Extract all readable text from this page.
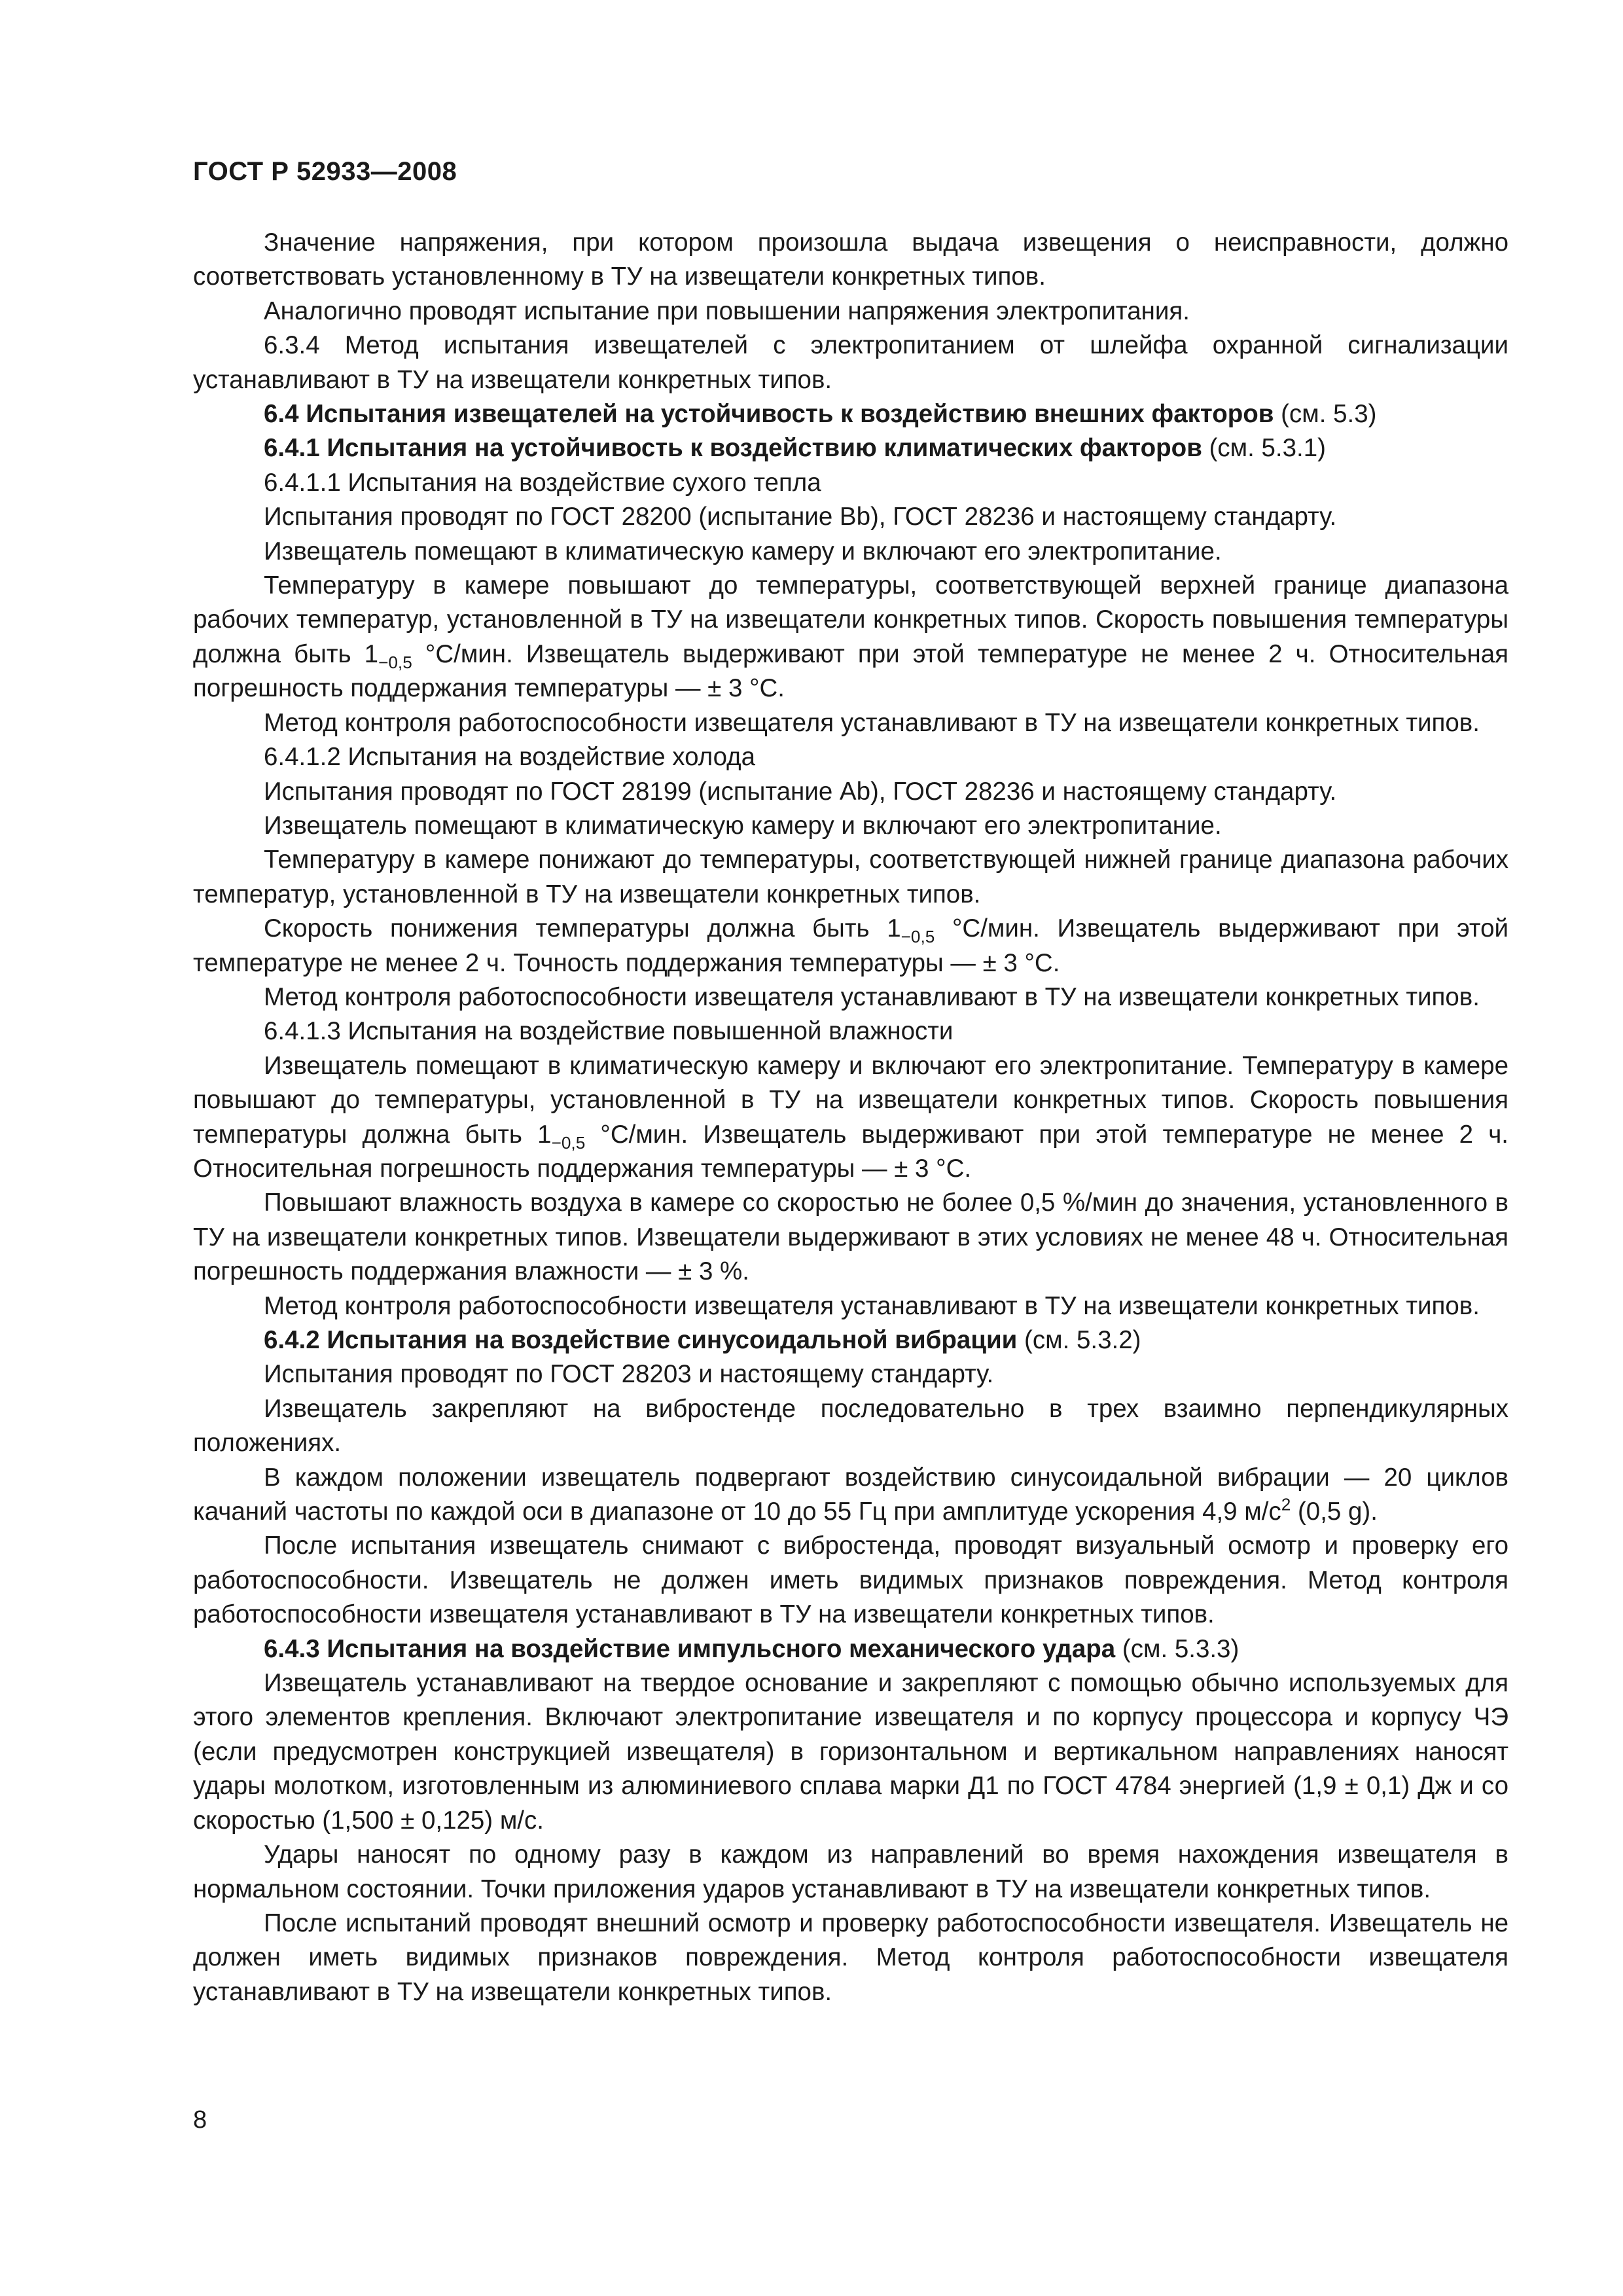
ГОСТ Р 52933—2008

Значение напряжения, при котором произошла выдача извещения о неисправности, должно соответствовать установленному в ТУ на извещатели конкретных типов.

Аналогично проводят испытание при повышении напряжения электропитания.

6.3.4 Метод испытания извещателей с электропитанием от шлейфа охранной сигнализации устанавливают в ТУ на извещатели конкретных типов.

6.4 Испытания извещателей на устойчивость к воздействию внешних факторов (см. 5.3)

6.4.1 Испытания на устойчивость к воздействию климатических факторов (см. 5.3.1)

6.4.1.1 Испытания на воздействие сухого тепла

Испытания проводят по ГОСТ 28200 (испытание Bb), ГОСТ 28236 и настоящему стандарту.

Извещатель помещают в климатическую камеру и включают его электропитание.

Температуру в камере повышают до температуры, соответствующей верхней границе диапазона рабочих температур, установленной в ТУ на извещатели конкретных типов. Скорость повышения температуры должна быть $1_{-0,5}$ °С/мин. Извещатель выдерживают при этой температуре не менее 2 ч. Относительная погрешность поддержания температуры — ± 3 °С.

Метод контроля работоспособности извещателя устанавливают в ТУ на извещатели конкретных типов.

6.4.1.2 Испытания на воздействие холода

Испытания проводят по ГОСТ 28199 (испытание Ab), ГОСТ 28236 и настоящему стандарту.

Извещатель помещают в климатическую камеру и включают его электропитание.

Температуру в камере понижают до температуры, соответствующей нижней границе диапазона рабочих температур, установленной в ТУ на извещатели конкретных типов.

Скорость понижения температуры должна быть $1_{-0,5}$ °С/мин. Извещатель выдерживают при этой температуре не менее 2 ч. Точность поддержания температуры — ± 3 °С.

Метод контроля работоспособности извещателя устанавливают в ТУ на извещатели конкретных типов.

6.4.1.3 Испытания на воздействие повышенной влажности

Извещатель помещают в климатическую камеру и включают его электропитание. Температуру в камере повышают до температуры, установленной в ТУ на извещатели конкретных типов. Скорость повышения температуры должна быть $1_{-0,5}$ °С/мин. Извещатель выдерживают при этой температуре не менее 2 ч. Относительная погрешность поддержания температуры — ± 3 °С.

Повышают влажность воздуха в камере со скоростью не более 0,5 %/мин до значения, установленного в ТУ на извещатели конкретных типов. Извещатели выдерживают в этих условиях не менее 48 ч. Относительная погрешность поддержания влажности — ± 3 %.

Метод контроля работоспособности извещателя устанавливают в ТУ на извещатели конкретных типов.

6.4.2 Испытания на воздействие синусоидальной вибрации (см. 5.3.2)

Испытания проводят по ГОСТ 28203 и настоящему стандарту.

Извещатель закрепляют на вибростенде последовательно в трех взаимно перпендикулярных положениях.

В каждом положении извещатель подвергают воздействию синусоидальной вибрации — 20 циклов качаний частоты по каждой оси в диапазоне от 10 до 55 Гц при амплитуде ускорения 4,9 $м/с^2$ (0,5 g).

После испытания извещатель снимают с вибростенда, проводят визуальный осмотр и проверку его работоспособности. Извещатель не должен иметь видимых признаков повреждения. Метод контроля работоспособности извещателя устанавливают в ТУ на извещатели конкретных типов.

6.4.3 Испытания на воздействие импульсного механического удара (см. 5.3.3)

Извещатель устанавливают на твердое основание и закрепляют с помощью обычно используемых для этого элементов крепления. Включают электропитание извещателя и по корпусу процессора и корпусу ЧЭ (если предусмотрен конструкцией извещателя) в горизонтальном и вертикальном направлениях наносят удары молотком, изготовленным из алюминиевого сплава марки Д1 по ГОСТ 4784 энергией (1,9 ± 0,1) Дж и со скоростью (1,500 ± 0,125) м/с.

Удары наносят по одному разу в каждом из направлений во время нахождения извещателя в нормальном состоянии. Точки приложения ударов устанавливают в ТУ на извещатели конкретных типов.

После испытаний проводят внешний осмотр и проверку работоспособности извещателя. Извещатель не должен иметь видимых признаков повреждения. Метод контроля работоспособности извещателя устанавливают в ТУ на извещатели конкретных типов.

8
